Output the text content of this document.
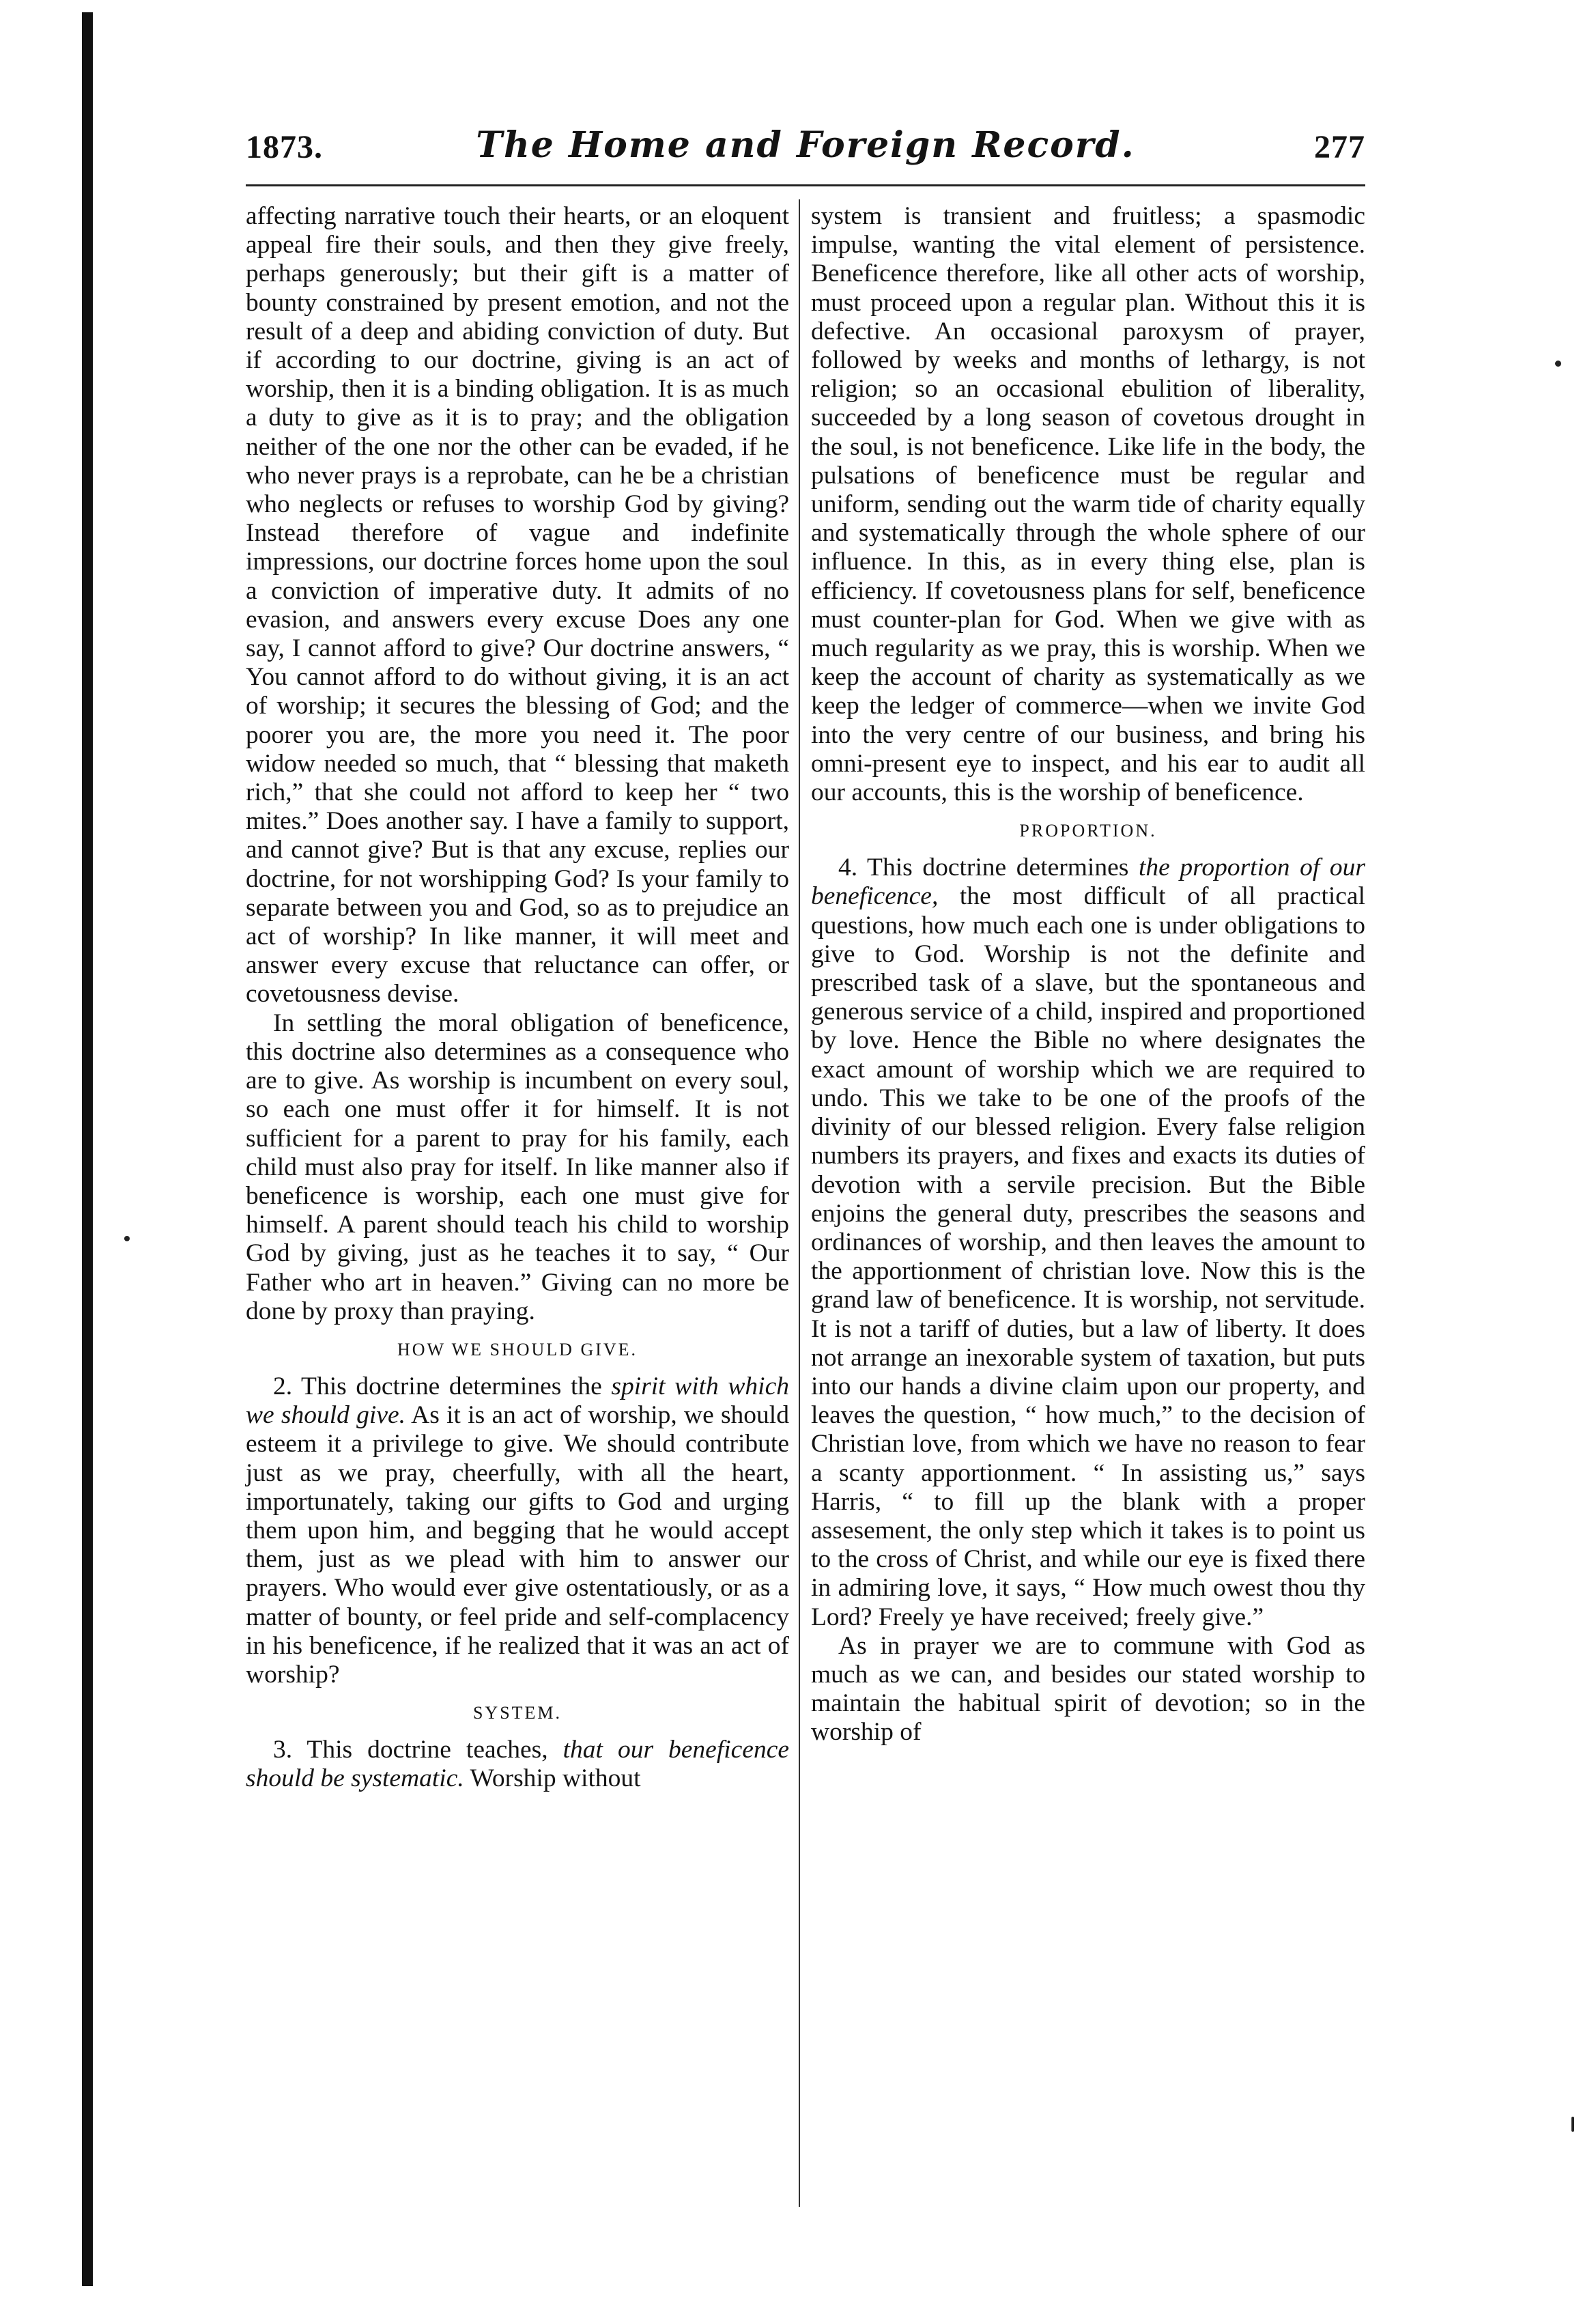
1873.	The Home and Foreign Record.	277

affecting narrative touch their hearts, or an eloquent appeal fire their souls, and then they give freely, perhaps generously; but their gift is a matter of bounty constrained by present emotion, and not the result of a deep and abiding conviction of duty. But if according to our doctrine, giving is an act of worship, then it is a binding obligation. It is as much a duty to give as it is to pray; and the obligation neither of the one nor the other can be evaded, if he who never prays is a reprobate, can he be a christian who neglects or refuses to worship God by giving? Instead therefore of vague and indefinite impressions, our doctrine forces home upon the soul a conviction of imperative duty. It admits of no evasion, and answers every excuse Does any one say, I cannot afford to give? Our doctrine answers, “ You cannot afford to do without giving, it is an act of worship; it secures the blessing of God; and the poorer you are, the more you need it. The poor widow needed so much, that “ blessing that maketh rich,” that she could not afford to keep her “ two mites.” Does another say. I have a family to support, and cannot give? But is that any excuse, replies our doctrine, for not worshipping God? Is your family to separate between you and God, so as to prejudice an act of worship? In like manner, it will meet and answer every excuse that reluctance can offer, or covetousness devise.

In settling the moral obligation of beneficence, this doctrine also determines as a consequence who are to give. As worship is incumbent on every soul, so each one must offer it for himself. It is not sufficient for a parent to pray for his family, each child must also pray for itself. In like manner also if beneficence is worship, each one must give for himself. A parent should teach his child to worship God by giving, just as he teaches it to say, “ Our Father who art in heaven.” Giving can no more be done by proxy than praying.

HOW WE SHOULD GIVE.

2. This doctrine determines the spirit with which we should give. As it is an act of worship, we should esteem it a privilege to give. We should contribute just as we pray, cheerfully, with all the heart, importunately, taking our gifts to God and urging them upon him, and begging that he would accept them, just as we plead with him to answer our prayers. Who would ever give ostentatiously, or as a matter of bounty, or feel pride and self-complacency in his beneficence, if he realized that it was an act of worship?

SYSTEM.

3. This doctrine teaches, that our beneficence should be systematic. Worship without

system is transient and fruitless; a spasmodic impulse, wanting the vital element of persistence. Beneficence therefore, like all other acts of worship, must proceed upon a regular plan. Without this it is defective. An occasional paroxysm of prayer, followed by weeks and months of lethargy, is not religion; so an occasional ebulition of liberality, succeeded by a long season of covetous drought in the soul, is not beneficence. Like life in the body, the pulsations of beneficence must be regular and uniform, sending out the warm tide of charity equally and systematically through the whole sphere of our influence. In this, as in every thing else, plan is efficiency. If covetousness plans for self, beneficence must counter-plan for God. When we give with as much regularity as we pray, this is worship. When we keep the account of charity as systematically as we keep the ledger of commerce—when we invite God into the very centre of our business, and bring his omni-present eye to inspect, and his ear to audit all our accounts, this is the worship of beneficence.

PROPORTION.

4. This doctrine determines the proportion of our beneficence, the most difficult of all practical questions, how much each one is under obligations to give to God. Worship is not the definite and prescribed task of a slave, but the spontaneous and generous service of a child, inspired and proportioned by love. Hence the Bible no where designates the exact amount of worship which we are required to undo. This we take to be one of the proofs of the divinity of our blessed religion. Every false religion numbers its prayers, and fixes and exacts its duties of devotion with a servile precision. But the Bible enjoins the general duty, prescribes the seasons and ordinances of worship, and then leaves the amount to the apportionment of christian love. Now this is the grand law of beneficence. It is worship, not servitude. It is not a tariff of duties, but a law of liberty. It does not arrange an inexorable system of taxation, but puts into our hands a divine claim upon our property, and leaves the question, “ how much,” to the decision of Christian love, from which we have no reason to fear a scanty apportionment. “ In assisting us,” says Harris, “ to fill up the blank with a proper assesement, the only step which it takes is to point us to the cross of Christ, and while our eye is fixed there in admiring love, it says, “ How much owest thou thy Lord? Freely ye have received; freely give.”

As in prayer we are to commune with God as much as we can, and besides our stated worship to maintain the habitual spirit of devotion; so in the worship of
